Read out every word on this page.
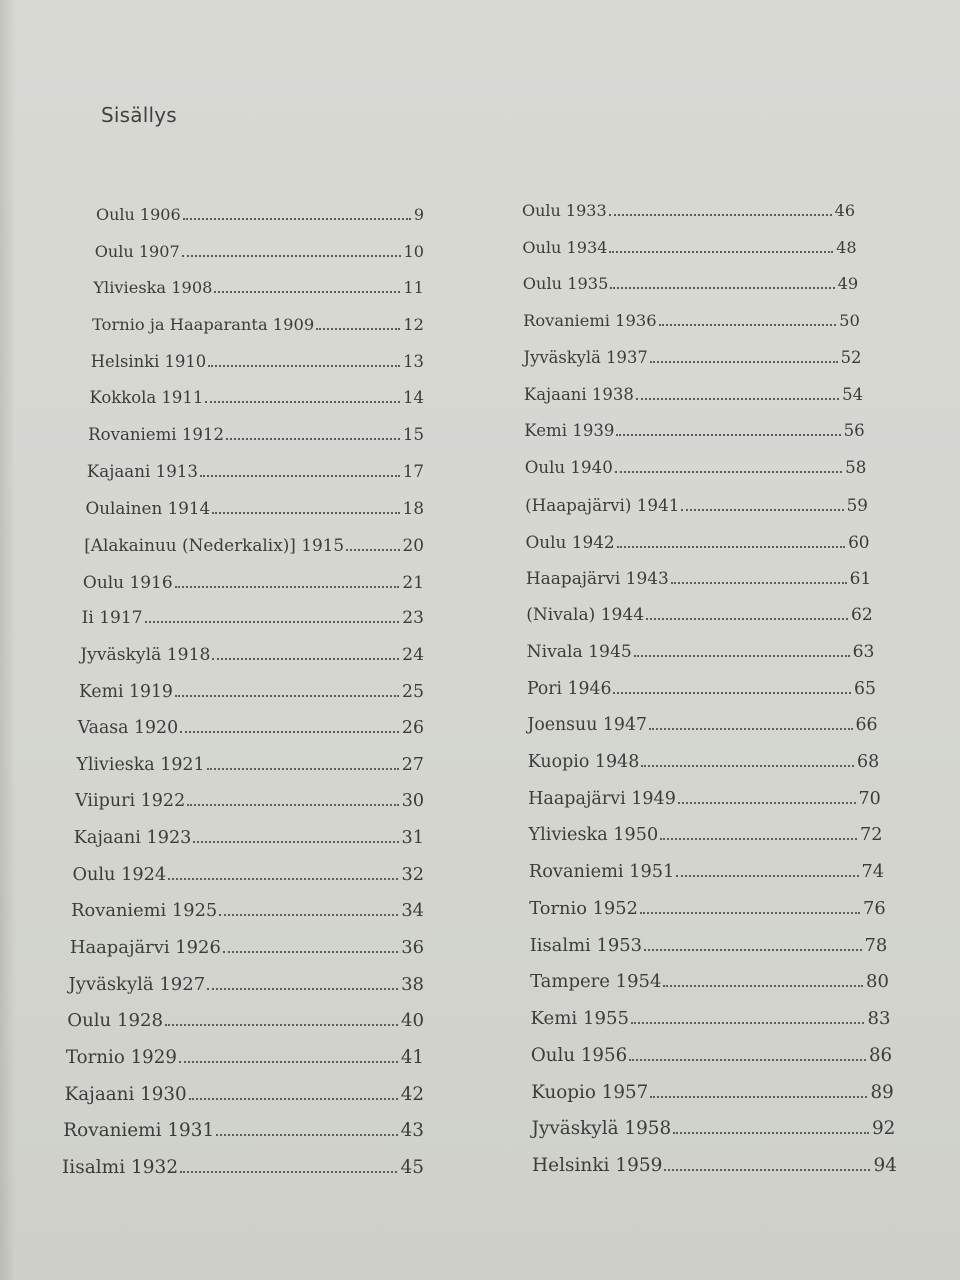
Sisällys
Oulu 1906	9
Oulu 1907	10
Ylivieska 1908	11
Tornio ja Haaparanta 1909	12
Helsinki 1910	13
Kokkola 1911	14
Rovaniemi 1912	15
Kajaani 1913	17
Oulainen 1914	18
[Alakainuu (Nederkalix)] 1915	20
Oulu 1916	21
Ii 1917	23
Jyväskylä 1918	24
Kemi 1919	25
Vaasa 1920	26
Ylivieska 1921	27
Viipuri 1922	30
Kajaani 1923	31
Oulu 1924	32
Rovaniemi 1925	34
Haapajärvi 1926	36
Jyväskylä 1927	38
Oulu 1928	40
Tornio 1929	41
Kajaani 1930	42
Rovaniemi 1931	43
Iisalmi 1932	45
Oulu 1933	46
Oulu 1934	48
Oulu 1935	49
Rovaniemi 1936	50
Jyväskylä 1937	52
Kajaani 1938	54
Kemi 1939	56
Oulu 1940	58
(Haapajärvi) 1941	59
Oulu 1942	60
Haapajärvi 1943	61
(Nivala) 1944	62
Nivala 1945	63
Pori 1946	65
Joensuu 1947	66
Kuopio 1948	68
Haapajärvi 1949	70
Ylivieska 1950	72
Rovaniemi 1951	74
Tornio 1952	76
Iisalmi 1953	78
Tampere 1954	80
Kemi 1955	83
Oulu 1956	86
Kuopio 1957	89
Jyväskylä 1958	92
Helsinki 1959	94
